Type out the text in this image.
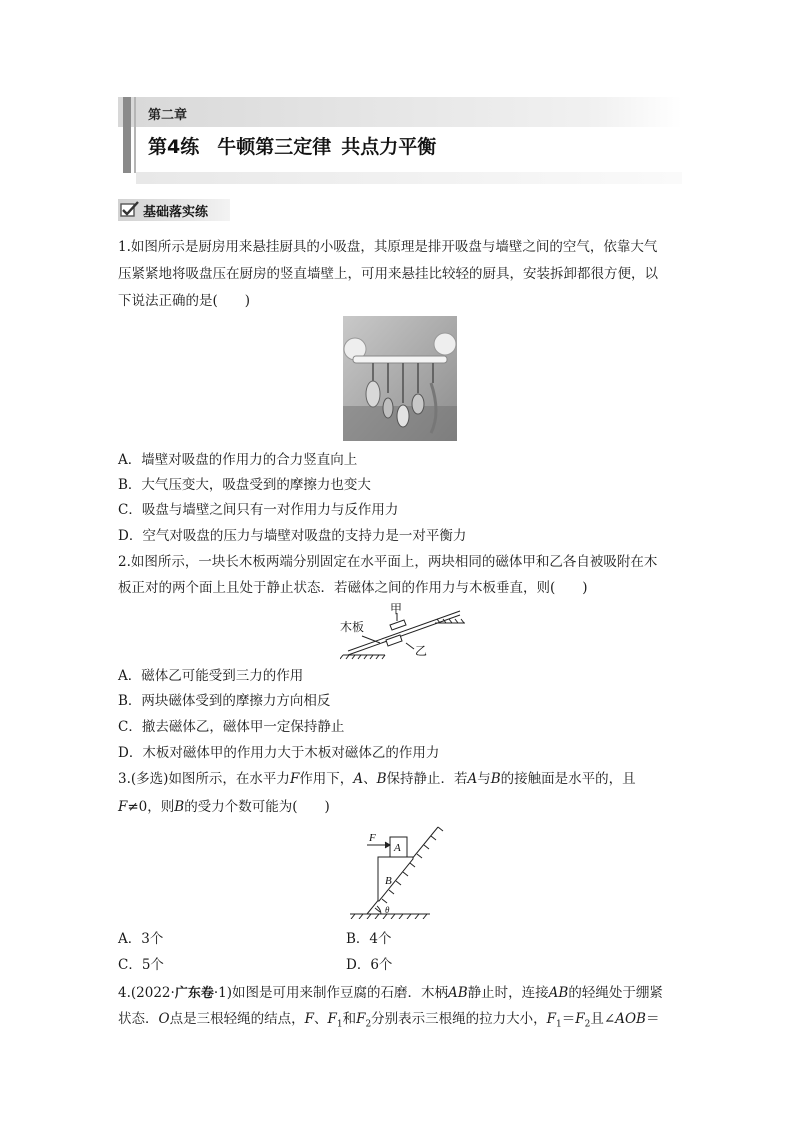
第二章
第4练 牛顿第三定律 共点力平衡
基础落实练
1.如图所示是厨房用来悬挂厨具的小吸盘，其原理是排开吸盘与墙壁之间的空气，依靠大气
压紧紧地将吸盘压在厨房的竖直墙壁上，可用来悬挂比较轻的厨具，安装拆卸都很方便，以
下说法正确的是(　　)
A．墙壁对吸盘的作用力的合力竖直向上
B．大气压变大，吸盘受到的摩擦力也变大
C．吸盘与墙壁之间只有一对作用力与反作用力
D．空气对吸盘的压力与墙壁对吸盘的支持力是一对平衡力
2.如图所示，一块长木板两端分别固定在水平面上，两块相同的磁体甲和乙各自被吸附在木
板正对的两个面上且处于静止状态．若磁体之间的作用力与木板垂直，则(　　)
木板
甲
乙
A．磁体乙可能受到三力的作用
B．两块磁体受到的摩擦力方向相反
C．撤去磁体乙，磁体甲一定保持静止
D．木板对磁体甲的作用力大于木板对磁体乙的作用力
3.(多选)如图所示，在水平力F作用下，A、B保持静止．若A与B的接触面是水平的，且
F≠0，则B的受力个数可能为(　　)
F
A
B
θ
A．3个	B．4个
C．5个	D．6个
4.(2022·广东卷·1)如图是可用来制作豆腐的石磨．木柄AB静止时，连接AB的轻绳处于绷紧
状态．O点是三根轻绳的结点，F、$F_1$和$F_2$分别表示三根绳的拉力大小，$F_1=F_2$且∠AOB＝
